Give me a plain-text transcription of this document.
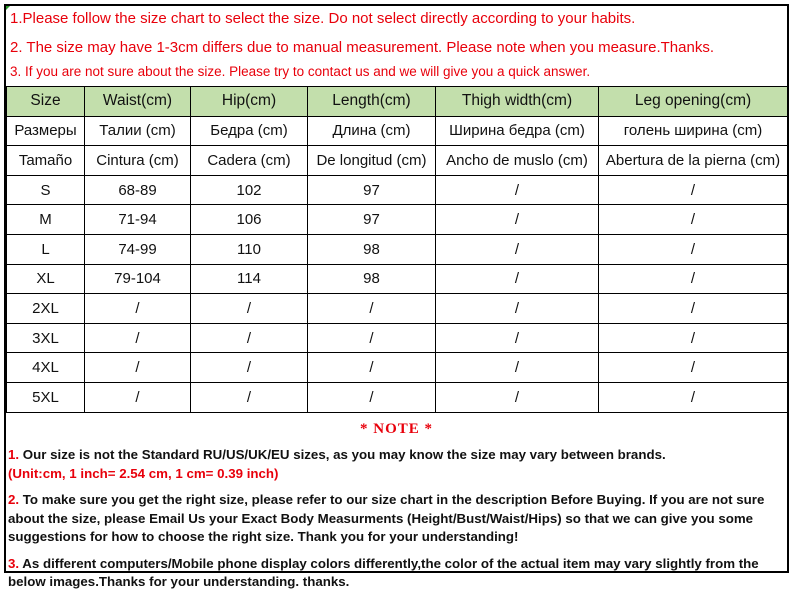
1.Please follow the size chart to select the size. Do not select directly according to your habits.
2. The size may have 1-3cm differs due to manual measurement. Please note when you measure.Thanks.
3. If you are not sure about the size. Please try to contact us and we will give you a quick answer.
Size	Waist(cm)	Hip(cm)	Length(cm)	Thigh width(cm)	Leg opening(cm)
Размеры	Талии (cm)	Бедра (cm)	Длина (cm)	Ширина бедра (cm)	голень ширина (cm)
Tamaño	Cintura (cm)	Cadera (cm)	De longitud (cm)	Ancho de muslo (cm)	Abertura de la pierna (cm)
S	68-89	102	97	/	/
M	71-94	106	97	/	/
L	74-99	110	98	/	/
XL	79-104	114	98	/	/
2XL	/	/	/	/	/
3XL	/	/	/	/	/
4XL	/	/	/	/	/
5XL	/	/	/	/	/
* NOTE *

1. Our size is not the Standard RU/US/UK/EU sizes, as you may know the size may vary between brands.
(Unit:cm, 1 inch= 2.54 cm, 1 cm= 0.39 inch)

2. To make sure you get the right size, please refer to our size chart in the description Before Buying. If you are not sure about the size, please Email Us your Exact Body Measurments (Height/Bust/Waist/Hips) so that we can give you some suggestions for how to choose the right size. Thank you for your understanding!

3. As different computers/Mobile phone display colors differently,the color of the actual item may vary slightly from the below images.Thanks for your understanding. thanks.
